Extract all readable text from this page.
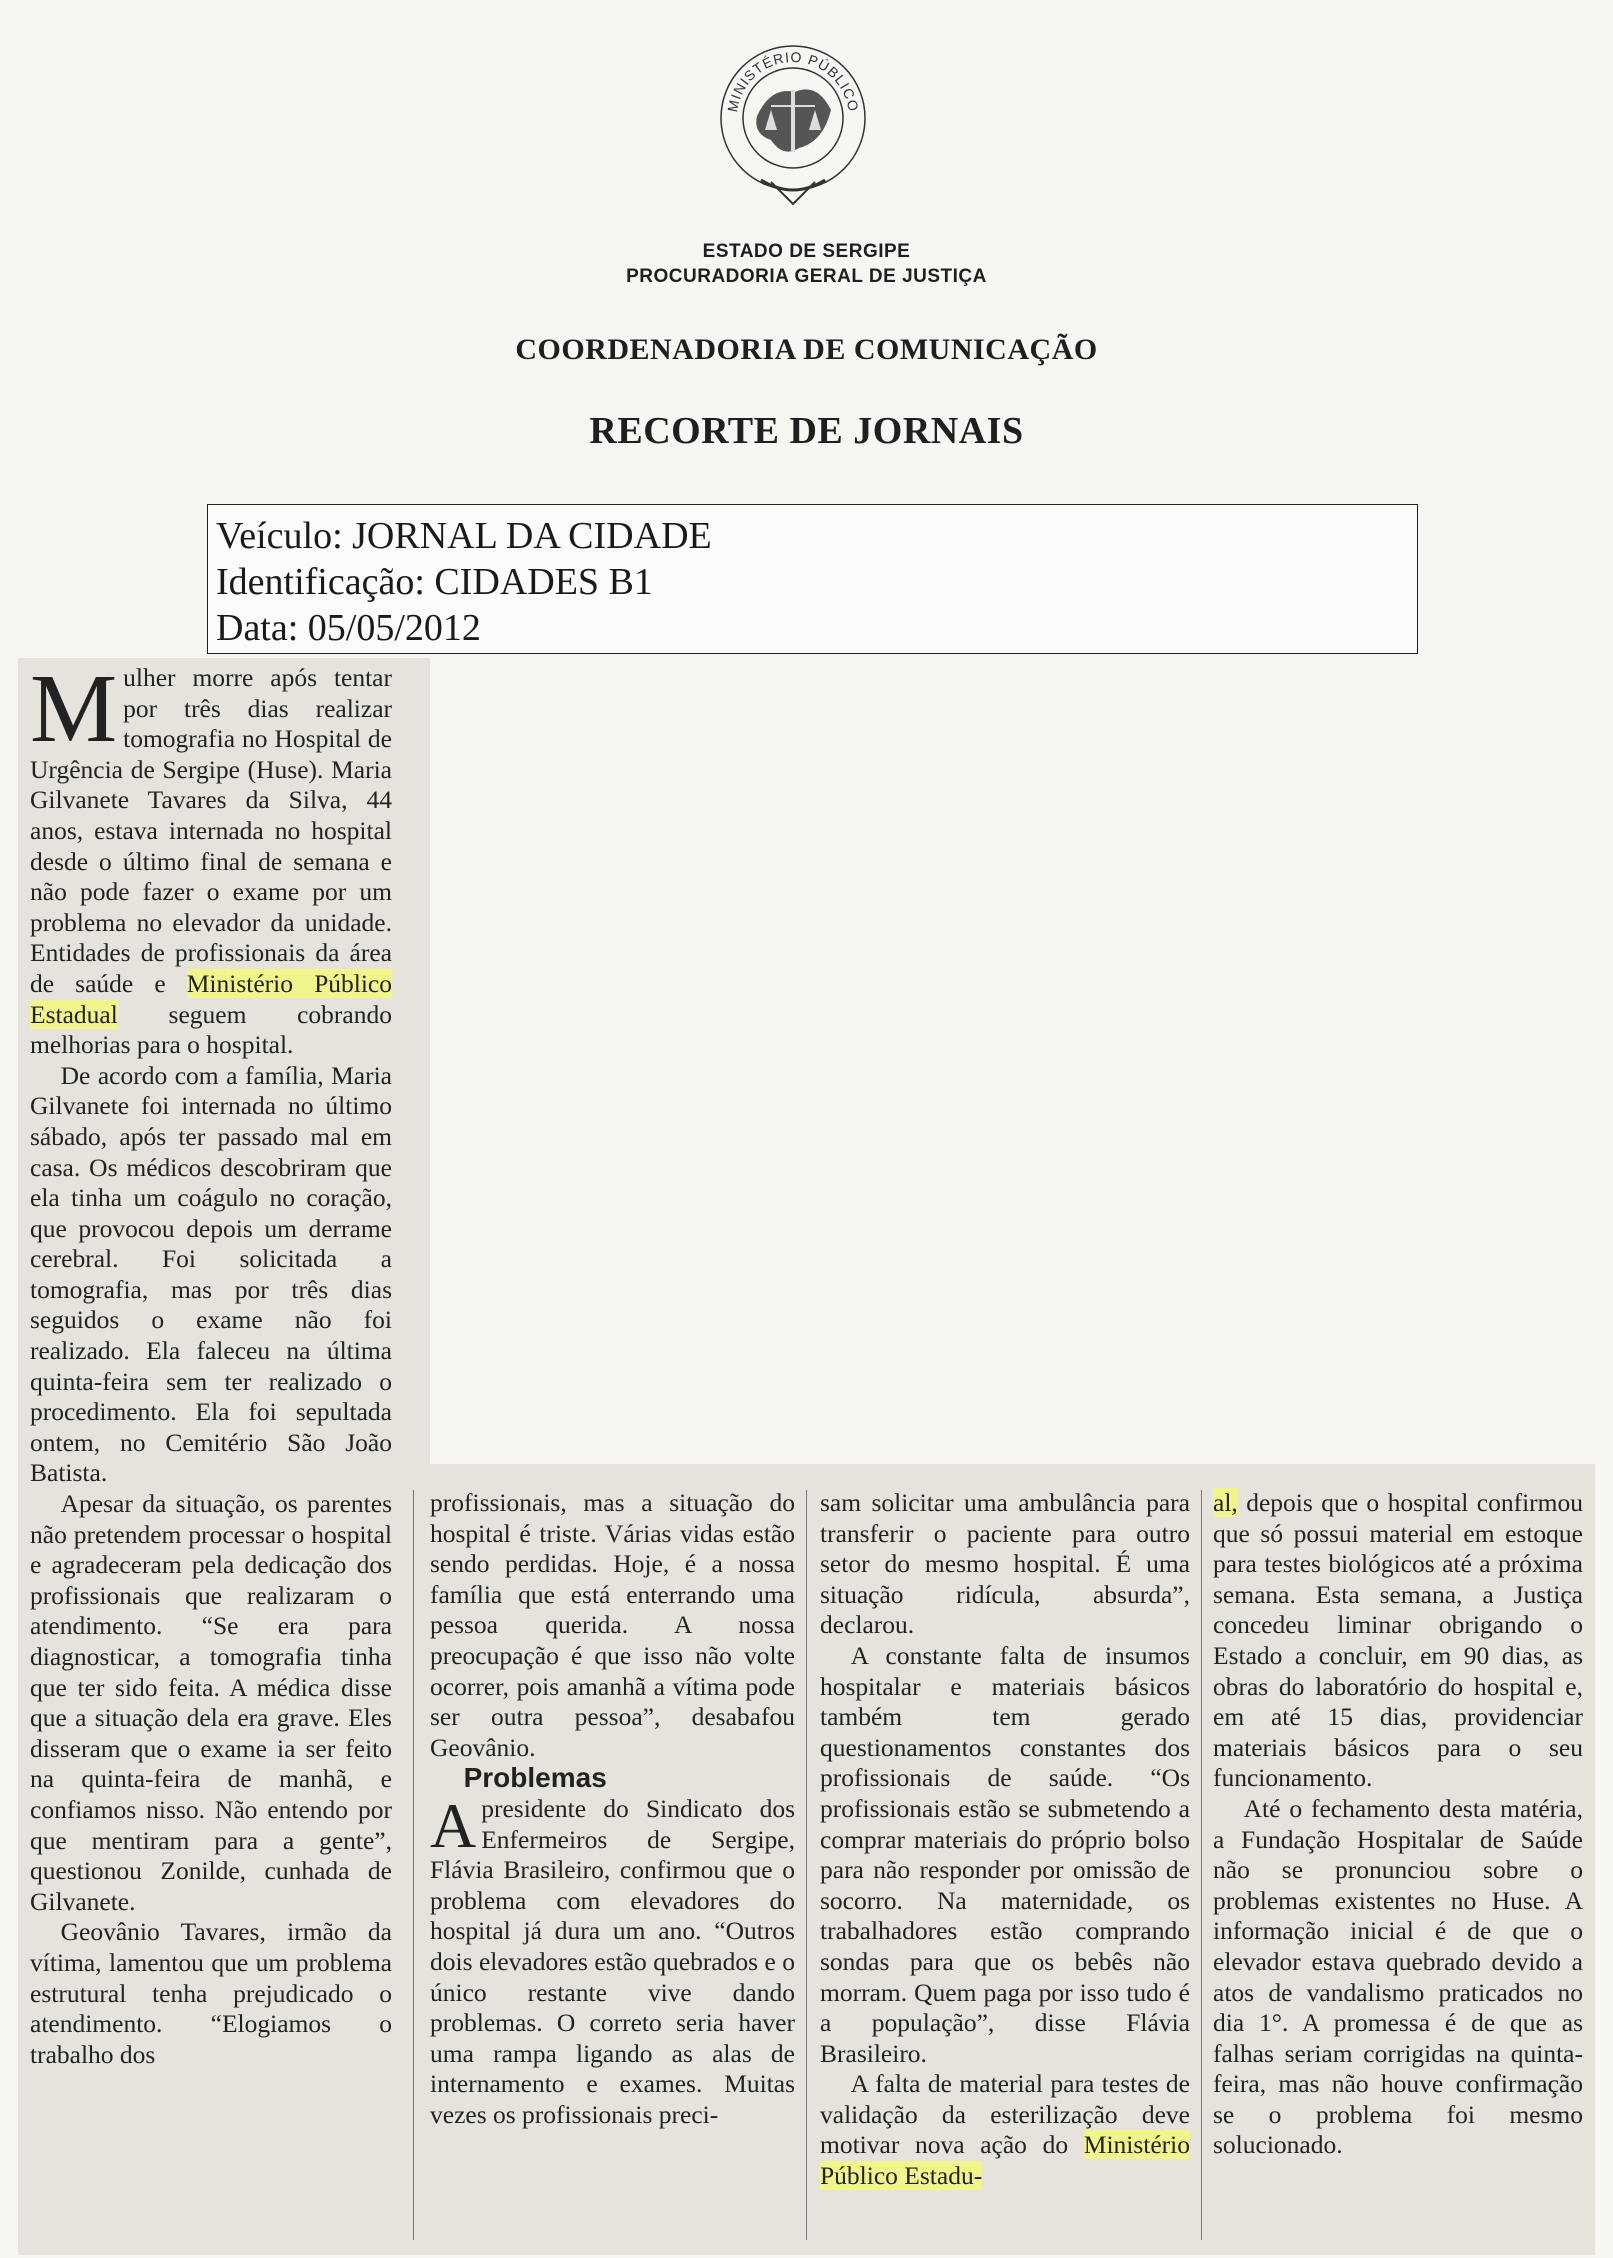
MINISTÉRIO PÚBLICO
ESTADO DE SERGIPE
PROCURADORIA GERAL DE JUSTIÇA
COORDENADORIA DE COMUNICAÇÃO
RECORTE DE JORNAIS
Veículo: JORNAL DA CIDADE
Identificação: CIDADES B1
Data: 05/05/2012

Mulher morre após tentar por três dias realizar tomografia no Hospital de Urgência de Sergipe (Huse). Maria Gilvanete Tavares da Silva, 44 anos, estava internada no hospital desde o último final de semana e não pode fazer o exame por um problema no elevador da unidade. Entidades de profissionais da área de saúde e Ministério Público Estadual seguem cobrando melhorias para o hospital.

De acordo com a família, Maria Gilvanete foi internada no último sábado, após ter passado mal em casa. Os médicos descobriram que ela tinha um coágulo no coração, que provocou depois um derrame cerebral. Foi solicitada a tomografia, mas por três dias seguidos o exame não foi realizado. Ela faleceu na última quinta-feira sem ter realizado o procedimento. Ela foi sepultada ontem, no Cemitério São João Batista.

Apesar da situação, os parentes não pretendem processar o hospital e agradeceram pela dedicação dos profissionais que realizaram o atendimento. “Se era para diagnosticar, a tomografia tinha que ter sido feita. A médica disse que a situação dela era grave. Eles disseram que o exame ia ser feito na quinta-feira de manhã, e confiamos nisso. Não entendo por que mentiram para a gente”, questionou Zonilde, cunhada de Gilvanete.

Geovânio Tavares, irmão da vítima, lamentou que um problema estrutural tenha prejudicado o atendimento. “Elogiamos o trabalho dos

profissionais, mas a situação do hospital é triste. Várias vidas estão sendo perdidas. Hoje, é a nossa família que está enterrando uma pessoa querida. A nossa preocupação é que isso não volte ocorrer, pois amanhã a vítima pode ser outra pessoa”, desabafou Geovânio.

Problemas

Apresidente do Sindicato dos Enfermeiros de Sergipe, Flávia Brasileiro, confirmou que o problema com elevadores do hospital já dura um ano. “Outros dois elevadores estão quebrados e o único restante vive dando problemas. O correto seria haver uma rampa ligando as alas de internamento e exames. Muitas vezes os profissionais preci-

sam solicitar uma ambulância para transferir o paciente para outro setor do mesmo hospital. É uma situação ridícula, absurda”, declarou.

A constante falta de insumos hospitalar e materiais básicos também tem gerado questionamentos constantes dos profissionais de saúde. “Os profissionais estão se submetendo a comprar materiais do próprio bolso para não responder por omissão de socorro. Na maternidade, os trabalhadores estão comprando sondas para que os bebês não morram. Quem paga por isso tudo é a população”, disse Flávia Brasileiro.

A falta de material para testes de validação da esterilização deve motivar nova ação do Ministério Público Estadu-

al, depois que o hospital confirmou que só possui material em estoque para testes biológicos até a próxima semana. Esta semana, a Justiça concedeu liminar obrigando o Estado a concluir, em 90 dias, as obras do laboratório do hospital e, em até 15 dias, providenciar materiais básicos para o seu funcionamento.

Até o fechamento desta matéria, a Fundação Hospitalar de Saúde não se pronunciou sobre o problemas existentes no Huse. A informação inicial é de que o elevador estava quebrado devido a atos de vandalismo praticados no dia 1°. A promessa é de que as falhas seriam corrigidas na quinta-feira, mas não houve confirmação se o problema foi mesmo solucionado.
